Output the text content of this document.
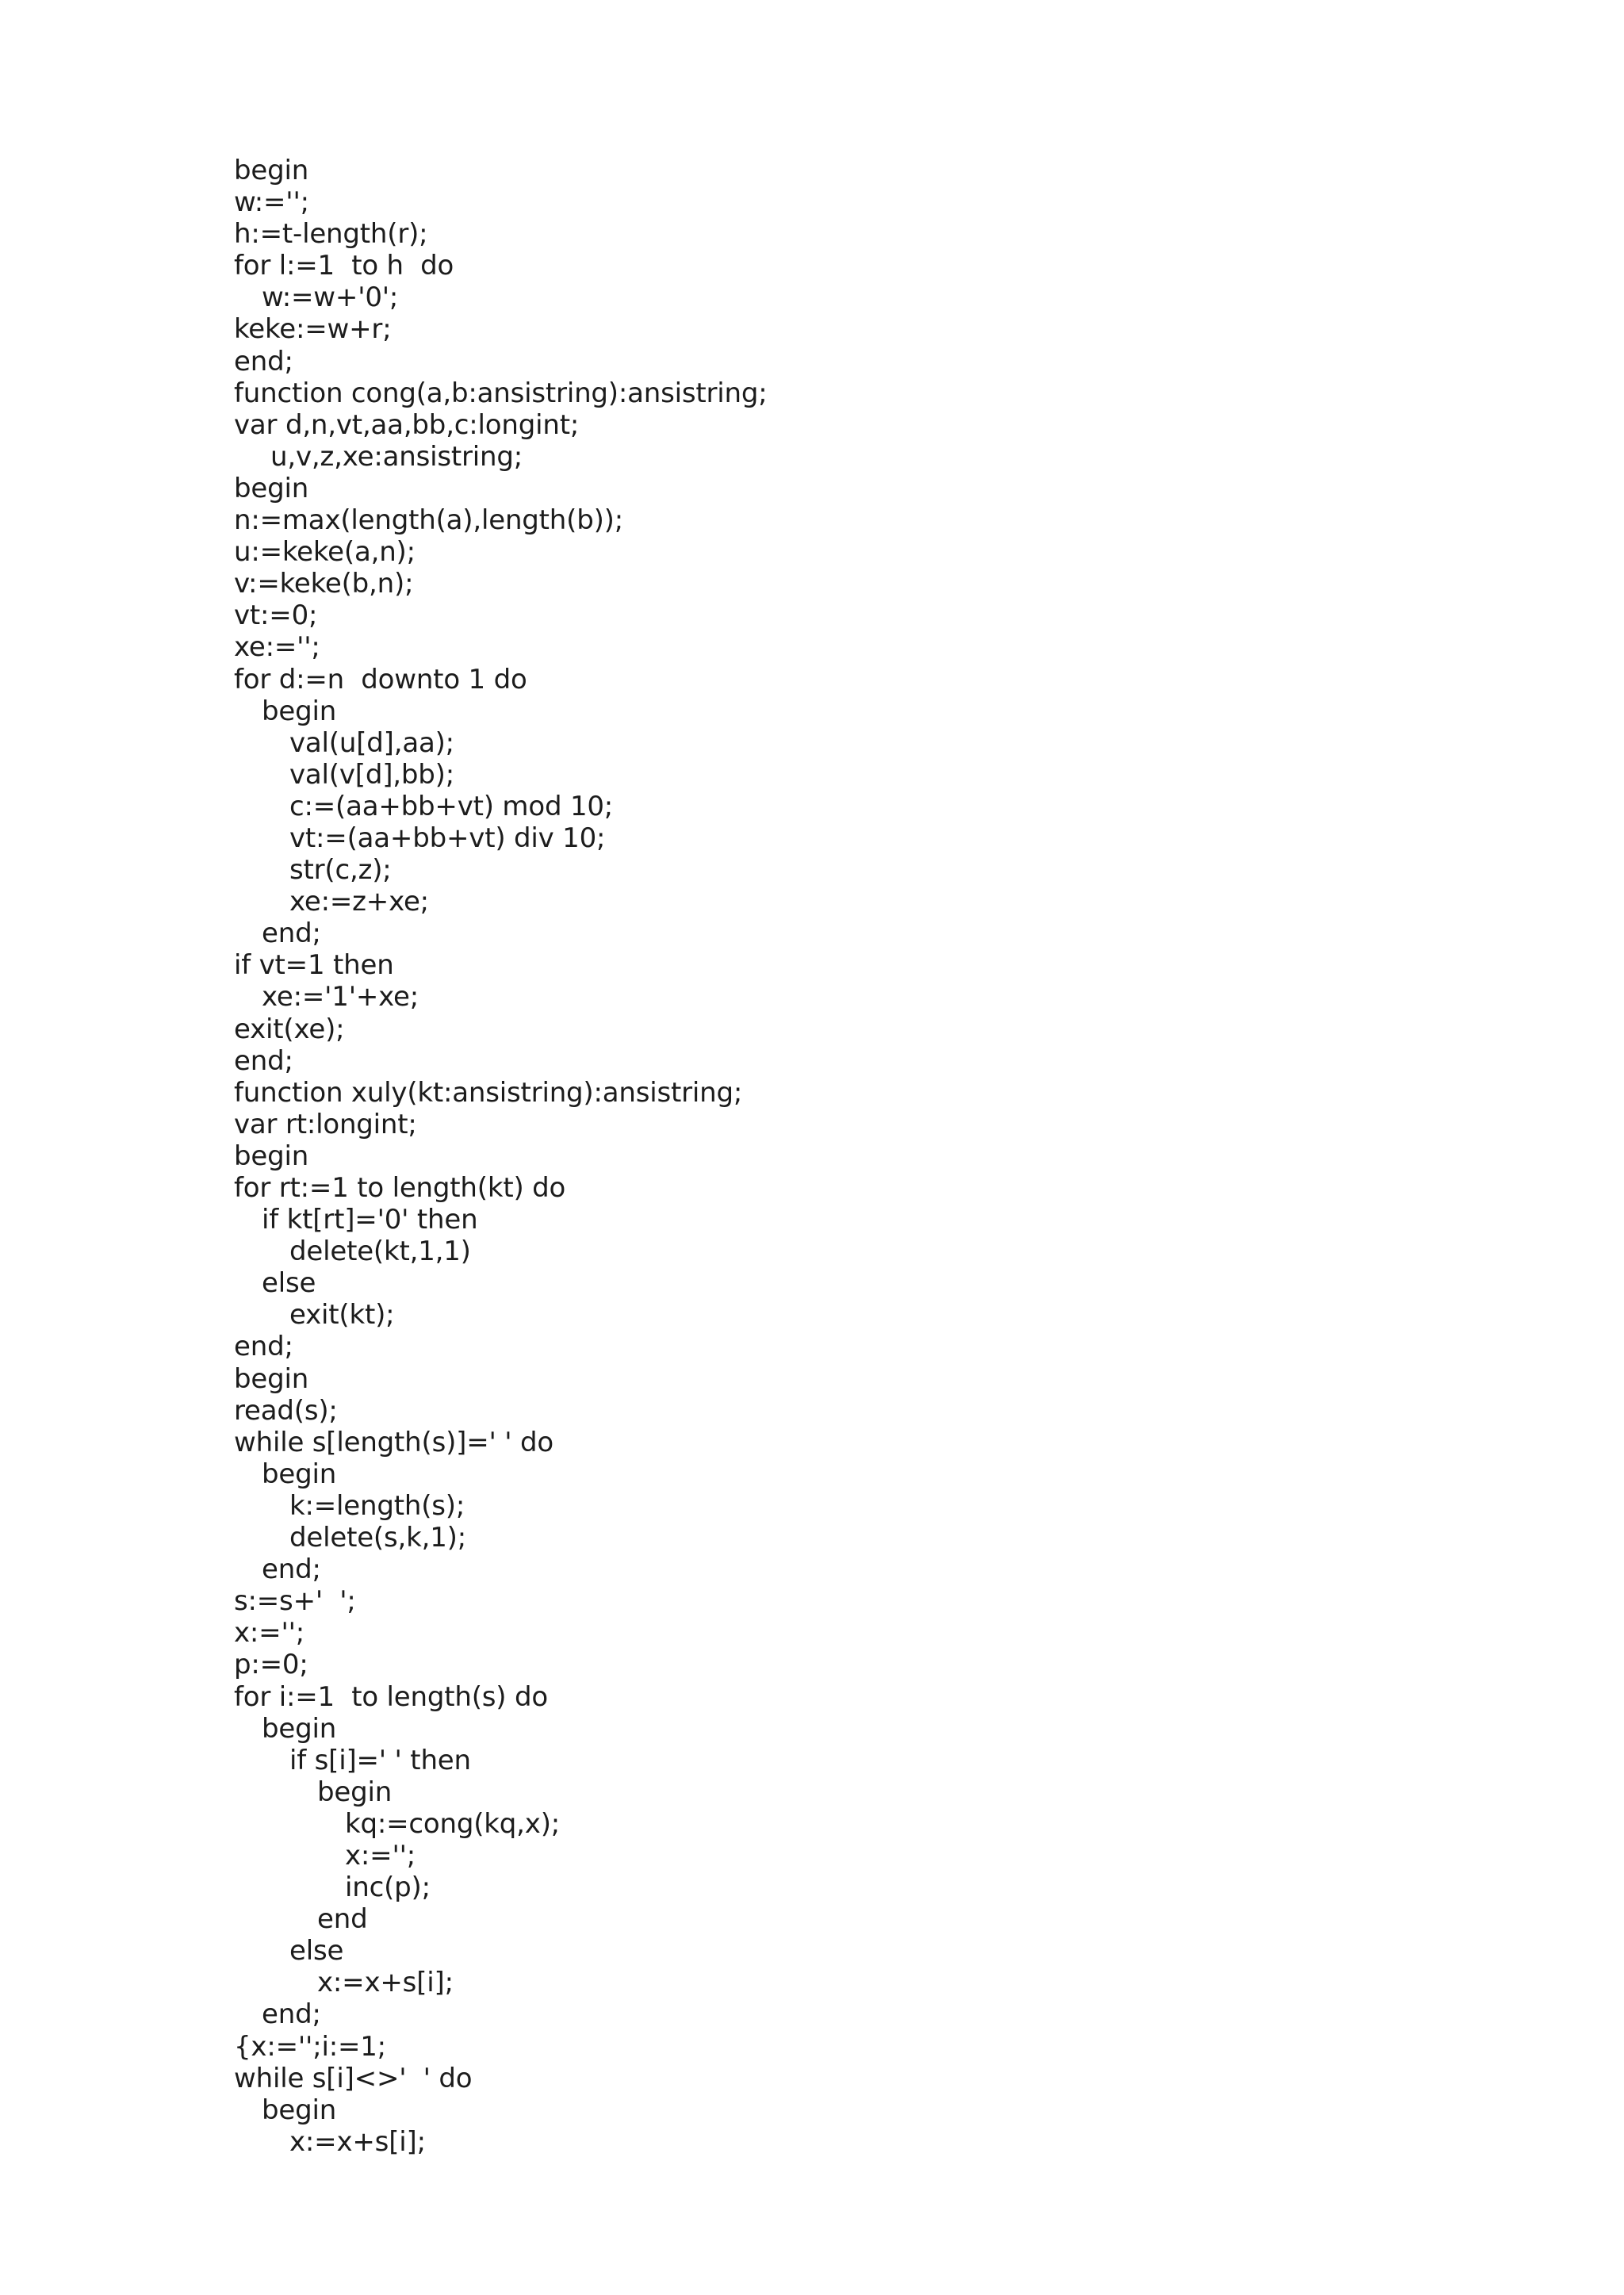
begin
w:='';
h:=t-length(r);
for l:=1  to h  do
w:=w+'0';
keke:=w+r;
end;
function cong(a,b:ansistring):ansistring;
var d,n,vt,aa,bb,c:longint;
u,v,z,xe:ansistring;
begin
n:=max(length(a),length(b));
u:=keke(a,n);
v:=keke(b,n);
vt:=0;
xe:='';
for d:=n  downto 1 do
begin
val(u[d],aa);
val(v[d],bb);
c:=(aa+bb+vt) mod 10;
vt:=(aa+bb+vt) div 10;
str(c,z);
xe:=z+xe;
end;
if vt=1 then
xe:='1'+xe;
exit(xe);
end;
function xuly(kt:ansistring):ansistring;
var rt:longint;
begin
for rt:=1 to length(kt) do
if kt[rt]='0' then
delete(kt,1,1)
else
exit(kt);
end;
begin
read(s);
while s[length(s)]=' ' do
begin
k:=length(s);
delete(s,k,1);
end;
s:=s+'  ';
x:='';
p:=0;
for i:=1  to length(s) do
begin
if s[i]=' ' then
begin
kq:=cong(kq,x);
x:='';
inc(p);
end
else
x:=x+s[i];
end;
{x:='';i:=1;
while s[i]<>'  ' do
begin
x:=x+s[i];
